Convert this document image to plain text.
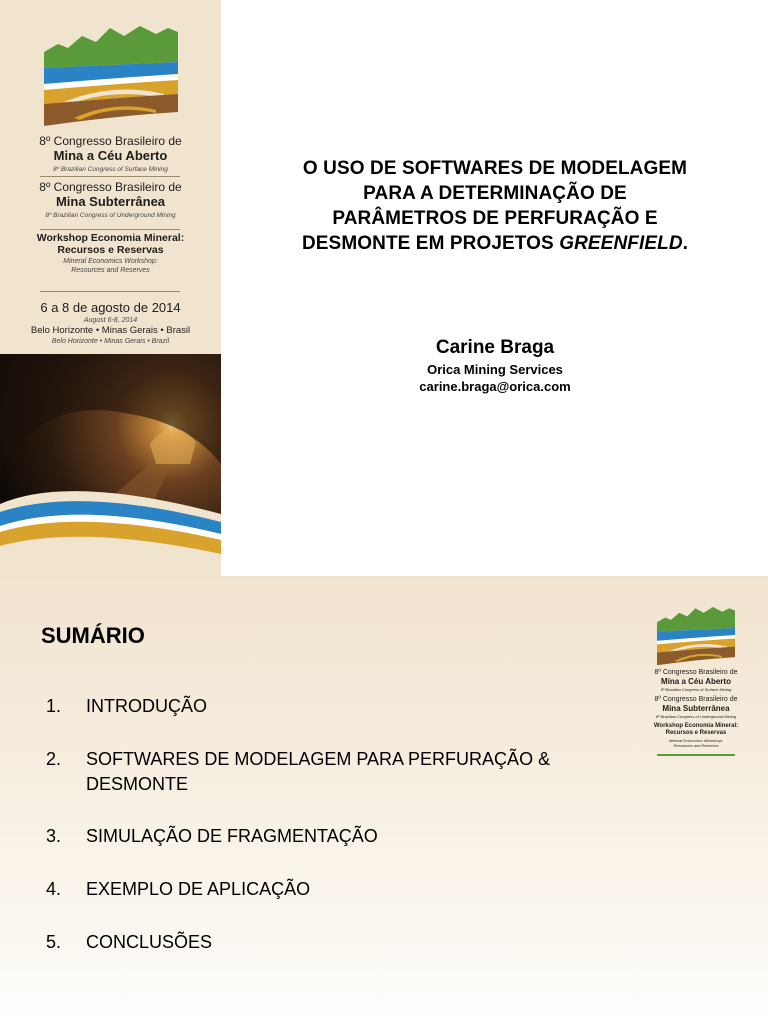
8º Congresso Brasileiro de
Mina a Céu Aberto
8º Brazilian Congress of Surface Mining
8º Congresso Brasileiro de
Mina Subterrânea
8º Brazilian Congress of Underground Mining
Workshop Economia Mineral:
Recursos e Reservas
Mineral Economics Workshop:
Resources and Reserves
6 a 8 de agosto de 2014
August 6-8, 2014
Belo Horizonte • Minas Gerais • Brasil
Belo Horizonte • Minas Gerais • Brazil
O USO DE SOFTWARES DE MODELAGEM
PARA A DETERMINAÇÃO DE
PARÂMETROS DE PERFURAÇÃO E
DESMONTE EM PROJETOS GREENFIELD.
Carine Braga
Orica Mining Services
carine.braga@orica.com
8º Congresso Brasileiro de
Mina a Céu Aberto
8º Brazilian Congress of Surface Mining
8º Congresso Brasileiro de
Mina Subterrânea
8º Brazilian Congress of Underground Mining
Workshop Economia Mineral:
Recursos e Reservas
Mineral Economics Workshop:
Resources and Reserves
SUMÁRIO
1. INTRODUÇÃO
2. SOFTWARES DE MODELAGEM PARA PERFURAÇÃO & DESMONTE
3. SIMULAÇÃO DE FRAGMENTAÇÃO
4. EXEMPLO DE APLICAÇÃO
5. CONCLUSÕES
